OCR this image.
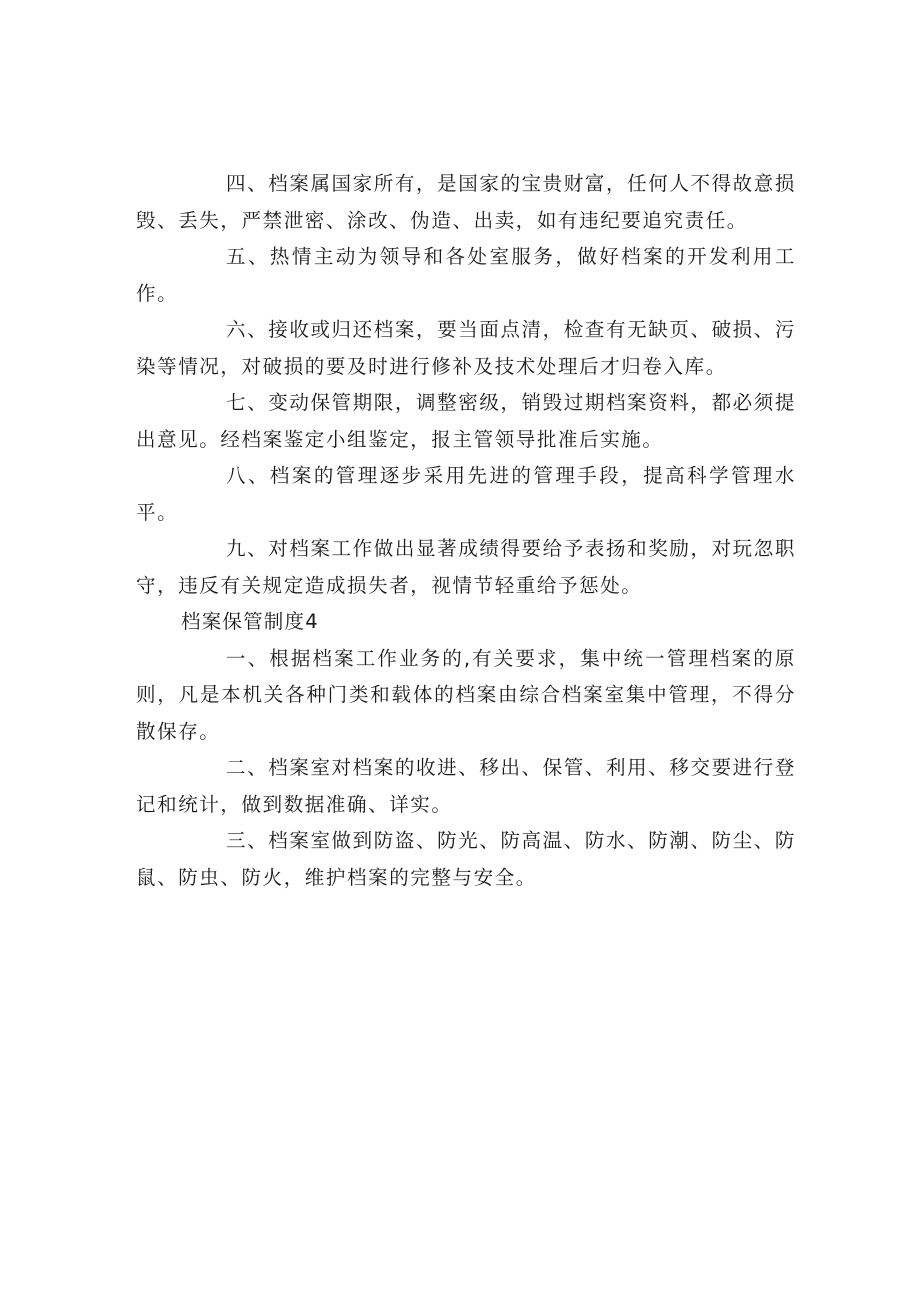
四、档案属国家所有，是国家的宝贵财富，任何人不得故意损毁、丢失，严禁泄密、涂改、伪造、出卖，如有违纪要追究责任。

五、热情主动为领导和各处室服务，做好档案的开发利用工作。

六、接收或归还档案，要当面点清，检查有无缺页、破损、污染等情况，对破损的要及时进行修补及技术处理后才归卷入库。

七、变动保管期限，调整密级，销毁过期档案资料，都必须提出意见。经档案鉴定小组鉴定，报主管领导批准后实施。

八、档案的管理逐步采用先进的管理手段，提高科学管理水平。

九、对档案工作做出显著成绩得要给予表扬和奖励，对玩忽职守，违反有关规定造成损失者，视情节轻重给予惩处。

档案保管制度4

一、根据档案工作业务的,有关要求，集中统一管理档案的原则，凡是本机关各种门类和载体的档案由综合档案室集中管理，不得分散保存。

二、档案室对档案的收进、移出、保管、利用、移交要进行登记和统计，做到数据准确、详实。

三、档案室做到防盗、防光、防高温、防水、防潮、防尘、防鼠、防虫、防火，维护档案的完整与安全。
